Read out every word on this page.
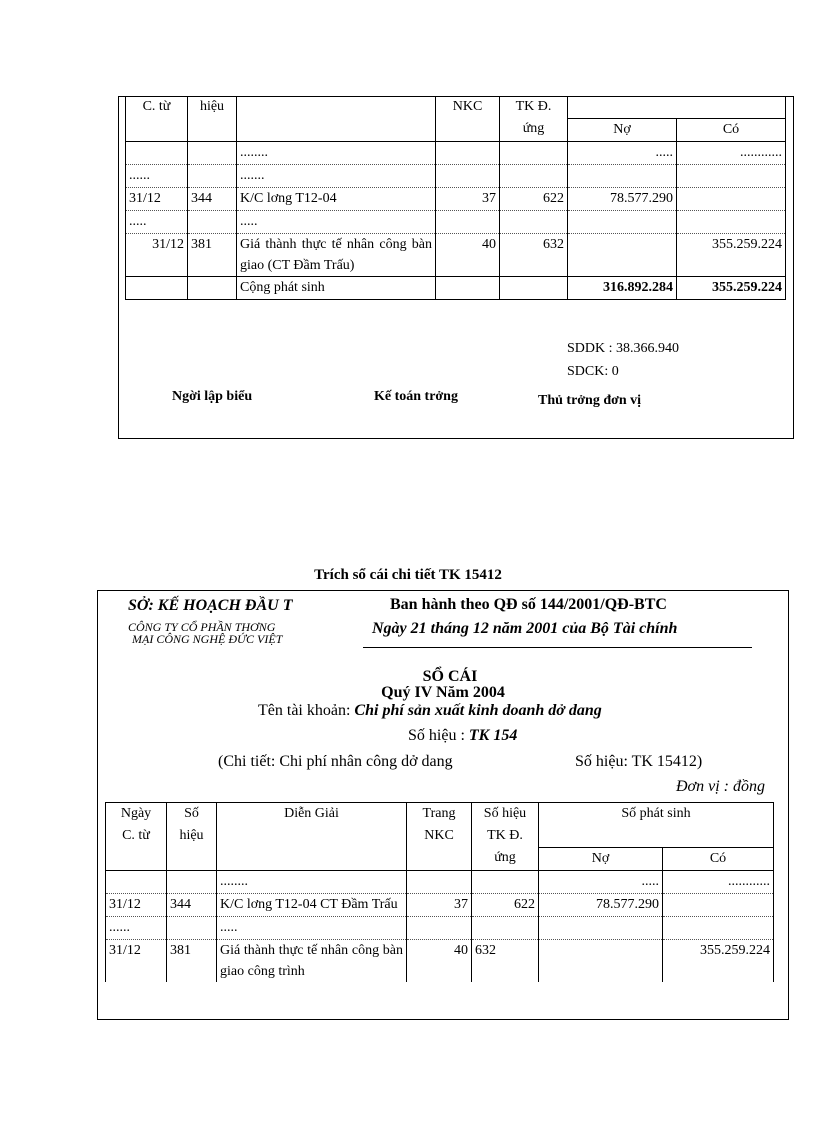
C. từ	hiệu		NKC	TK Đ.		
				ứng	Nợ	Có
		........			.....	............
......		.......				
31/12	344	K/C lơng T12-04	37	622	78.577.290	
.....		.....				
31/12	381	Giá thành thực tế nhân công bàn giao (CT Đầm Trấu)	40	632		355.259.224
		Cộng phát sinh			316.892.284	355.259.224
SDDK : 38.366.940
SDCK: 0
Ngời lập biểu	Kế toán trởng	Thủ trởng đơn vị
Trích sổ cái chi tiết TK 15412
SỞ: KẾ HOẠCH ĐẦU T
CÔNG TY CỔ PHẦN THƠNG
MẠI CÔNG NGHỆ ĐỨC VIỆT
Ban hành theo QĐ số 144/2001/QĐ-BTC
Ngày 21 tháng 12 năm 2001 của Bộ Tài chính
SỔ CÁI
Quý IV Năm 2004
Tên tài khoản: Chi phí sản xuất kinh doanh dở dang
Số hiệu : TK 154
(Chi tiết: Chi phí nhân công dở dang	Số hiệu: TK 15412)
Đơn vị : đồng
Ngày	Số	Diễn Giải	Trang	Số hiệu	Số phát sinh	
C. từ	hiệu		NKC	TK Đ.		
				ứng	Nợ	Có
		........			.....	............
31/12	344	K/C lơng T12-04 CT Đầm Trấu	37	622	78.577.290	
......		.....				
31/12	381	Giá thành thực tế nhân công bàn giao công trình	40	632		355.259.224
